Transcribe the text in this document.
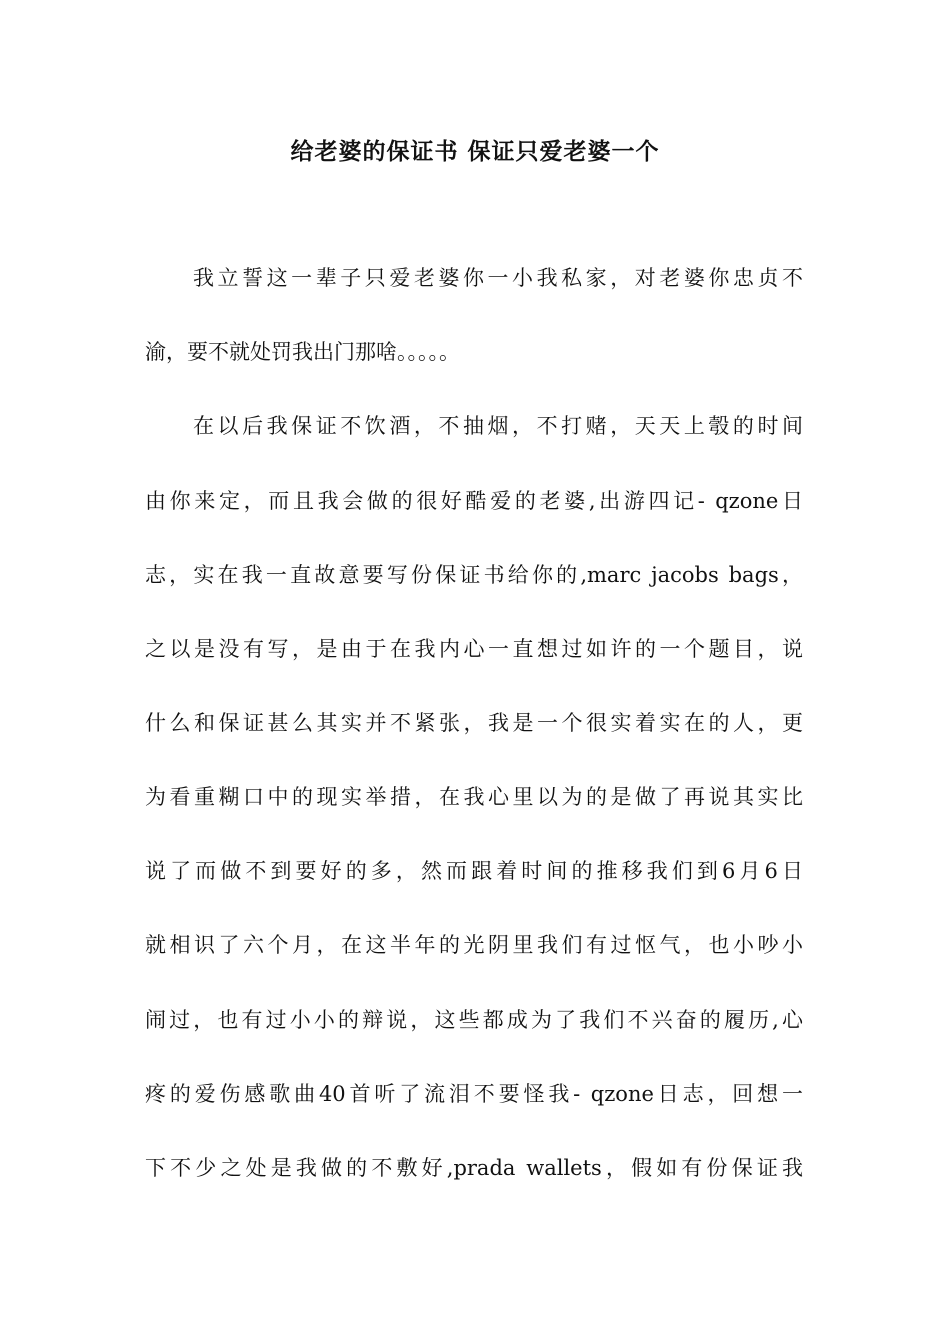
给老婆的保证书 保证只爱老婆一个
我立誓这一辈子只爱老婆你一小我私家，对老婆你忠贞不
渝，要不就处罚我出门那啥。。。。。
在以后我保证不饮酒，不抽烟，不打赌，天天上彀的时间
由你来定，而且我会做的很好酷爱的老婆,出游四记- qzone日
志，实在我一直故意要写份保证书给你的,marc jacobs bags，
之以是没有写，是由于在我内心一直想过如许的一个题目，说
什么和保证甚么其实并不紧张，我是一个很实着实在的人，更
为看重糊口中的现实举措，在我心里以为的是做了再说其实比
说了而做不到要好的多，然而跟着时间的推移我们到6月6日
就相识了六个月，在这半年的光阴里我们有过怄气，也小吵小
闹过，也有过小小的辩说，这些都成为了我们不兴奋的履历,心
疼的爱伤感歌曲40首听了流泪不要怪我- qzone日志，回想一
下不少之处是我做的不敷好,prada wallets，假如有份保证我
